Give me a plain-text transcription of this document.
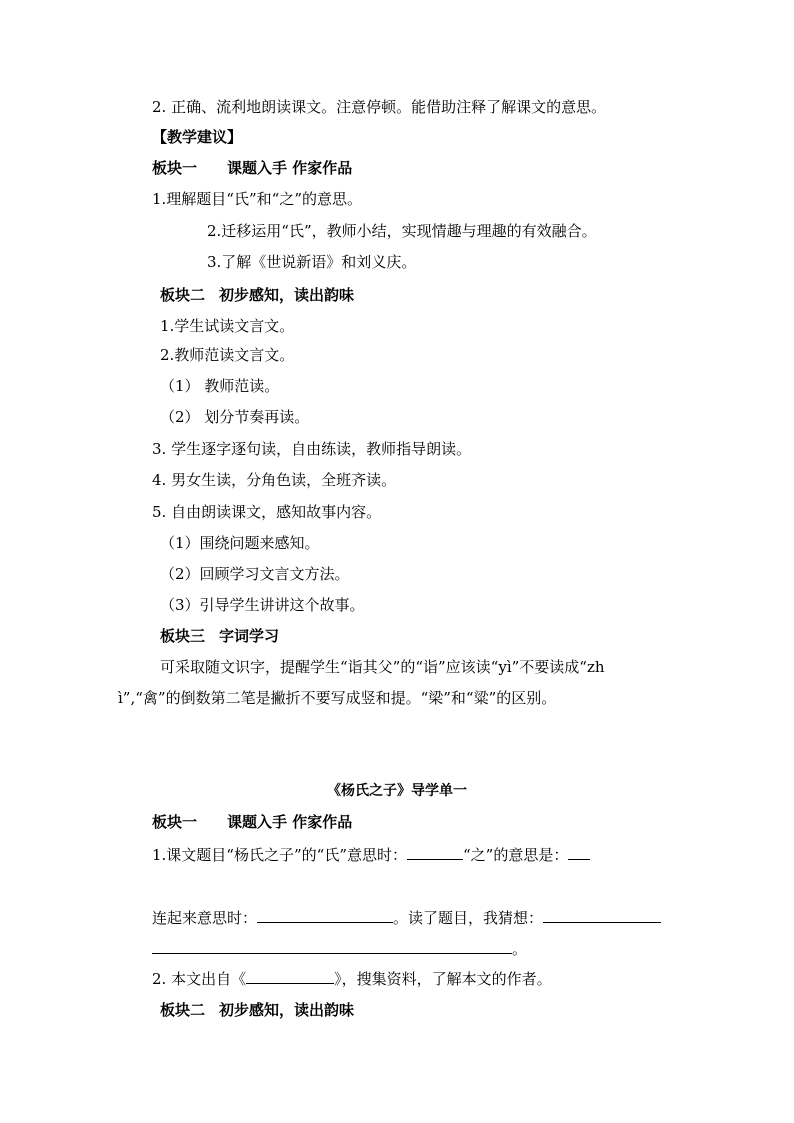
2. 正确、流利地朗读课文。注意停顿。能借助注释了解课文的意思。
【教学建议】
板块一 课题入手 作家作品
1.理解题目“氏”和“之”的意思。
2.迁移运用“氏”，教师小结，实现情趣与理趣的有效融合。
3.了解《世说新语》和刘义庆。
板块二 初步感知，读出韵味
1.学生试读文言文。
2.教师范读文言文。
（1） 教师范读。
（2） 划分节奏再读。
3. 学生逐字逐句读，自由练读，教师指导朗读。
4. 男女生读，分角色读，全班齐读。
5. 自由朗读课文，感知故事内容。
（1）围绕问题来感知。
（2）回顾学习文言文方法。
（3）引导学生讲讲这个故事。
板块三 字词学习
可采取随文识字，提醒学生“诣其父”的“诣”应该读“yì”不要读成“zh
ì”,“禽”的倒数第二笔是撇折不要写成竖和提。“梁”和“粱”的区别。
《杨氏之子》导学单一
板块一 课题入手 作家作品
1.课文题目“杨氏之子”的“氏”意思时：	“之”的意思是：
连起来意思时：	。读了题目，我猜想：
。
2. 本文出自《	》，搜集资料，了解本文的作者。
板块二 初步感知，读出韵味
